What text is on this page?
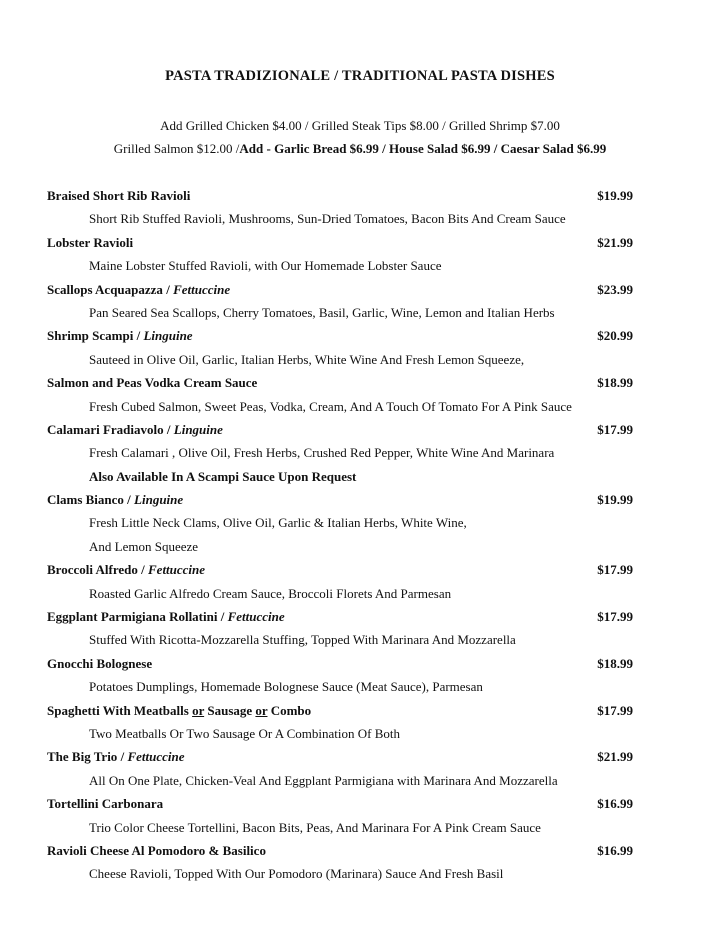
PASTA TRADIZIONALE / TRADITIONAL PASTA DISHES
Add Grilled Chicken $4.00 / Grilled Steak Tips $8.00 / Grilled Shrimp $7.00
Grilled Salmon $12.00 /Add - Garlic Bread $6.99 / House Salad $6.99 / Caesar Salad $6.99
Braised Short Rib Ravioli	$19.99
Short Rib Stuffed Ravioli, Mushrooms, Sun-Dried Tomatoes, Bacon Bits And Cream Sauce
Lobster Ravioli	$21.99
Maine Lobster Stuffed Ravioli, with Our Homemade Lobster Sauce
Scallops Acquapazza / Fettuccine	$23.99
Pan Seared Sea Scallops, Cherry Tomatoes, Basil, Garlic, Wine, Lemon and Italian Herbs
Shrimp Scampi / Linguine	$20.99
Sauteed in Olive Oil, Garlic, Italian Herbs, White Wine And Fresh Lemon Squeeze,
Salmon and Peas Vodka Cream Sauce	$18.99
Fresh Cubed Salmon, Sweet Peas, Vodka, Cream, And A Touch Of Tomato For A Pink Sauce
Calamari Fradiavolo / Linguine	$17.99
Fresh Calamari , Olive Oil, Fresh Herbs, Crushed Red Pepper, White Wine And Marinara
Also Available In A Scampi Sauce Upon Request
Clams Bianco / Linguine	$19.99
Fresh Little Neck Clams, Olive Oil, Garlic & Italian Herbs, White Wine,
And Lemon Squeeze
Broccoli Alfredo / Fettuccine	$17.99
Roasted Garlic Alfredo Cream Sauce, Broccoli Florets And Parmesan
Eggplant Parmigiana Rollatini / Fettuccine	$17.99
Stuffed With Ricotta-Mozzarella Stuffing, Topped With Marinara And Mozzarella
Gnocchi Bolognese	$18.99
Potatoes Dumplings, Homemade Bolognese Sauce (Meat Sauce), Parmesan
Spaghetti With Meatballs or Sausage or Combo	$17.99
Two Meatballs Or Two Sausage Or A Combination Of Both
The Big Trio / Fettuccine	$21.99
All On One Plate, Chicken-Veal And Eggplant Parmigiana with Marinara And Mozzarella
Tortellini Carbonara	$16.99
Trio Color Cheese Tortellini, Bacon Bits, Peas, And Marinara For A Pink Cream Sauce
Ravioli Cheese Al Pomodoro & Basilico	$16.99
Cheese Ravioli, Topped With Our Pomodoro (Marinara) Sauce And Fresh Basil
